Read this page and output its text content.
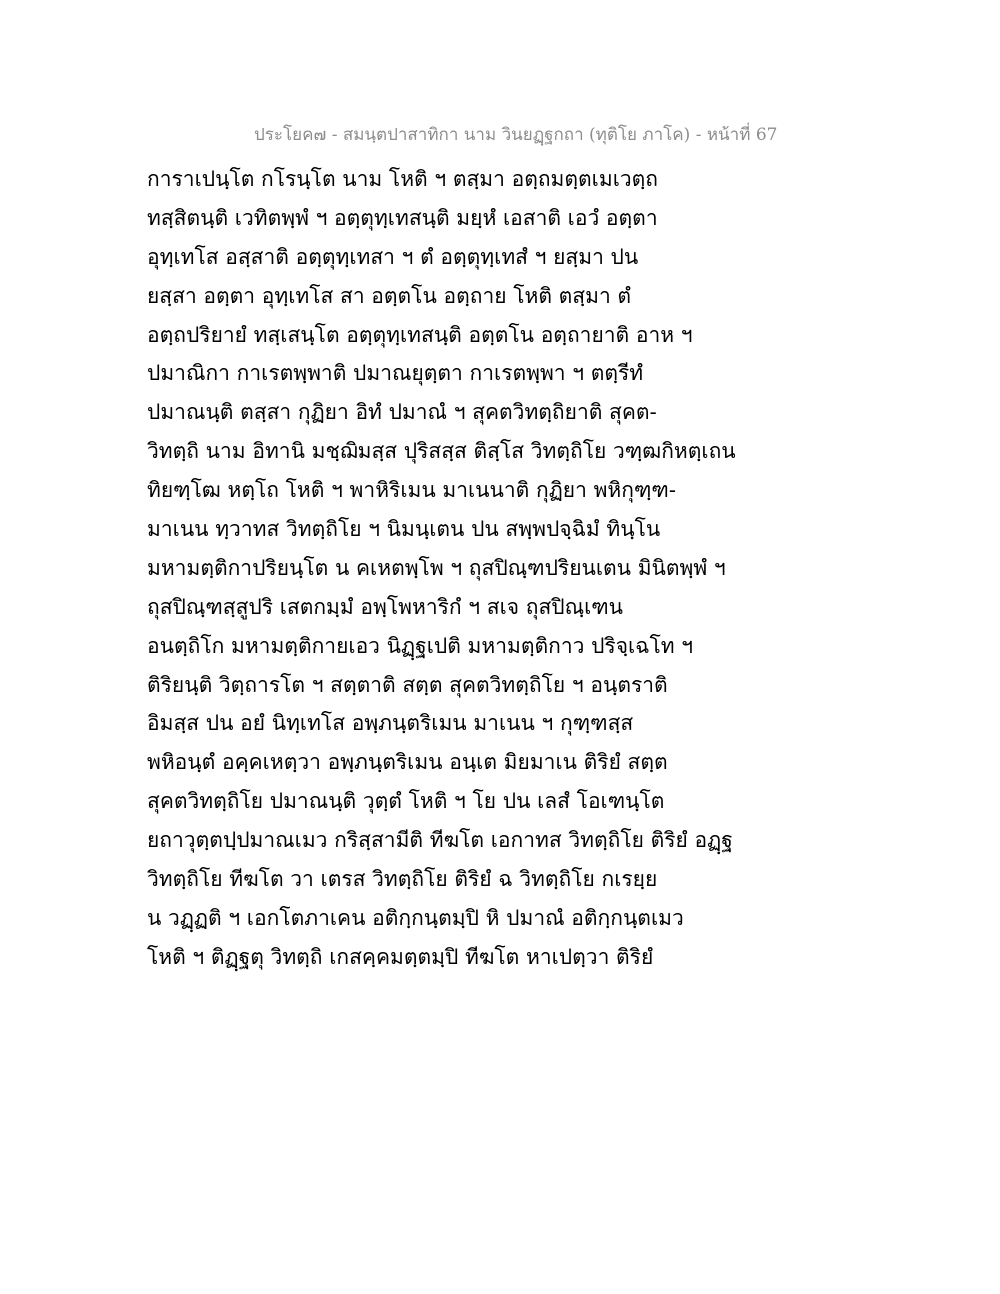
ประโยค๗ - สมนฺตปาสาทิกา นาม วินยฏฺฐกถา (ทุติโย ภาโค) - หน้าที่ 67
การาเปนฺโต กโรนฺโต นาม โหติ ฯ ตสฺมา อตฺถมตฺตเมเวตฺถ
ทสฺสิตนฺติ เวทิตพฺพํ ฯ อตฺตุทฺเทสนฺติ มยฺหํ เอสาติ เอวํ อตฺตา
อุทฺเทโส อสฺสาติ อตฺตุทฺเทสา ฯ ตํ อตฺตุทฺเทสํ ฯ ยสฺมา ปน
ยสฺสา อตฺตา อุทฺเทโส สา อตฺตโน อตฺถาย โหติ ตสฺมา ตํ
อตฺถปริยายํ ทสฺเสนฺโต อตฺตุทฺเทสนฺติ อตฺตโน อตฺถายาติ อาห ฯ
ปมาณิกา กาเรตพฺพาติ ปมาณยุตฺตา กาเรตพฺพา ฯ ตตฺรีทํ
ปมาณนฺติ ตสฺสา กุฏิยา อิทํ ปมาณํ ฯ สุคตวิทตฺถิยาติ สุคต-
วิทตฺถิ นาม อิทานิ มชฺฌิมสฺส ปุริสสฺส ติสฺโส วิทตฺถิโย วฑฺฒกิหตฺเถน
ทิยฑฺโฒ หตฺโถ โหติ ฯ พาหิริเมน มาเนนาติ กุฏิยา พหิกุฑฺฑ-
มาเนน ทฺวาทส วิทตฺถิโย ฯ นิมนฺเตน ปน สพฺพปจฺฉิมํ ทินฺโน
มหามตฺติกาปริยนฺโต น คเหตพฺโพ ฯ ถุสปิณฺฑปริยนเตน มินิตพฺพํ ฯ
ถุสปิณฺฑสฺสูปริ เสตกมฺมํ อพฺโพหาริกํ ฯ สเจ ถุสปิณฺเฑน
อนตฺถิโก มหามตฺติกายเอว นิฏฺฐเปติ มหามตฺติกาว ปริจฺเฉโท ฯ
ติริยนฺติ วิตฺถารโต ฯ สตฺตาติ สตฺต สุคตวิทตฺถิโย ฯ อนฺตราติ
อิมสฺส ปน อยํ นิทฺเทโส อพฺภนฺตริเมน มาเนน ฯ กุฑฺฑสฺส
พหิอนฺตํ อคฺคเหตฺวา อพฺภนฺตริเมน อนฺเต มิยมาเน ติริยํ สตฺต
สุคตวิทตฺถิโย ปมาณนฺติ วุตฺตํ โหติ ฯ โย ปน เลสํ โอเฑนฺโต
ยถาวุตฺตปฺปมาณเมว กริสฺสามีติ ทีฆโต เอกาทส วิทตฺถิโย ติริยํ อฏฺฐ
วิทตฺถิโย ทีฆโต วา เตรส วิทตฺถิโย ติริยํ ฉ วิทตฺถิโย กเรยฺย
น วฏฺฏติ ฯ เอกโตภาเคน อติกฺกนฺตมฺปิ หิ ปมาณํ อติกฺกนฺตเมว
โหติ ฯ ติฏฺฐตุ วิทตฺถิ เกสคฺคมตฺตมฺปิ ทีฆโต หาเปตฺวา ติริยํ
